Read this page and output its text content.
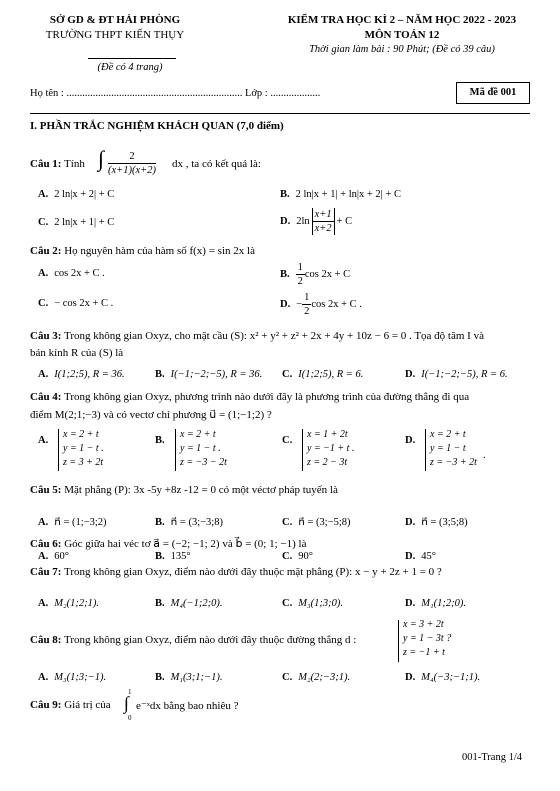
SỞ GD & ĐT HẢI PHÒNG
TRƯỜNG THPT KIẾN THỤY
(Đề có 4 trang)
KIỂM TRA HỌC KÌ 2 – NĂM HỌC 2022 - 2023
MÔN TOÁN 12
Thời gian làm bài : 90 Phút; (Đề có 39 câu)
Họ tên : ................................................................... Lớp : ...................	Mã đề 001
I. PHẦN TRẮC NGHIỆM KHÁCH QUAN (7,0 điểm)
Câu 1: Tính ∫ $\frac{2}{(x+1)(x+2)}$ dx , ta có kết quả là:
A. 2 ln|x + 2| + C	B. 2 ln|x + 1| + ln|x + 2| + C
C. 2 ln|x + 1| + C	D. $2\ln \frac{x+1}{x+2} + C$
Câu 2: Họ nguyên hàm của hàm số f(x) = sin 2x là
A. cos 2x + C .	B. $\frac{1}{2}$ cos 2x + C
C. − cos 2x + C .	D. − $\frac{1}{2}$ cos 2x + C .
Câu 3: Trong không gian Oxyz, cho mặt cầu (S): x² + y² + z² + 2x + 4y + 10z − 6 = 0 . Tọa độ tâm I và
bán kính R của (S) là
A. I(1;2;5), R = 36.	B. I(−1;−2;−5), R = 36. C. I(1;2;5), R = 6.	D. I(−1;−2;−5), R = 6.
Câu 4: Trong không gian Oxyz, phương trình nào dưới đây là phương trình của đường thẳng đi qua
điểm M(2;1;−3) và có vectơ chỉ phương u⃗ = (1;−1;2) ?
A.
x = 2 + t
y = 1 − t .
z = 3 + 2t
B.
x = 2 + t
y = 1 − t .
z = −3 − 2t
C.
x = 1 + 2t
y = −1 + t .
z = 2 − 3t
D.
x = 2 + t
y = 1 − t
z = −3 + 2t
.
Câu 5: Mặt phẳng (P): 3x -5y +8z -12 = 0 có một véctơ pháp tuyến là
A. n⃗ = (1;−3;2)	B. n⃗ = (3;−3;8)	C. n⃗ = (3;−5;8)	D. n⃗ = (3;5;8)
Câu 6: Góc giữa hai véc tơ a⃗ = (−2; −1; 2) và b⃗ = (0; 1; −1) là
A. 60°	B. 135°	C. 90°	D. 45°
Câu 7: Trong không gian Oxyz, điểm nào dưới đây thuộc mặt phẳng (P): x − y + 2z + 1 = 0 ?
A. M₂(1;2;1).	B. M₄(−1;2;0).	C. M₃(1;3;0).	D. M₁(1;2;0).
Câu 8: Trong không gian Oxyz, điểm nào dưới đây thuộc đường thẳng d :
x = 3 + 2t
y = 1 − 3t ?
z = −1 + t
A. M₃(1;3;−1).	B. M₁(3;1;−1).	C. M₂(2;−3;1).	D. M₄(−3;−1;1).
Câu 9: Giá trị của
1
∫
0
e⁻ˣdx bằng bao nhiêu ?
001-Trang 1/4
